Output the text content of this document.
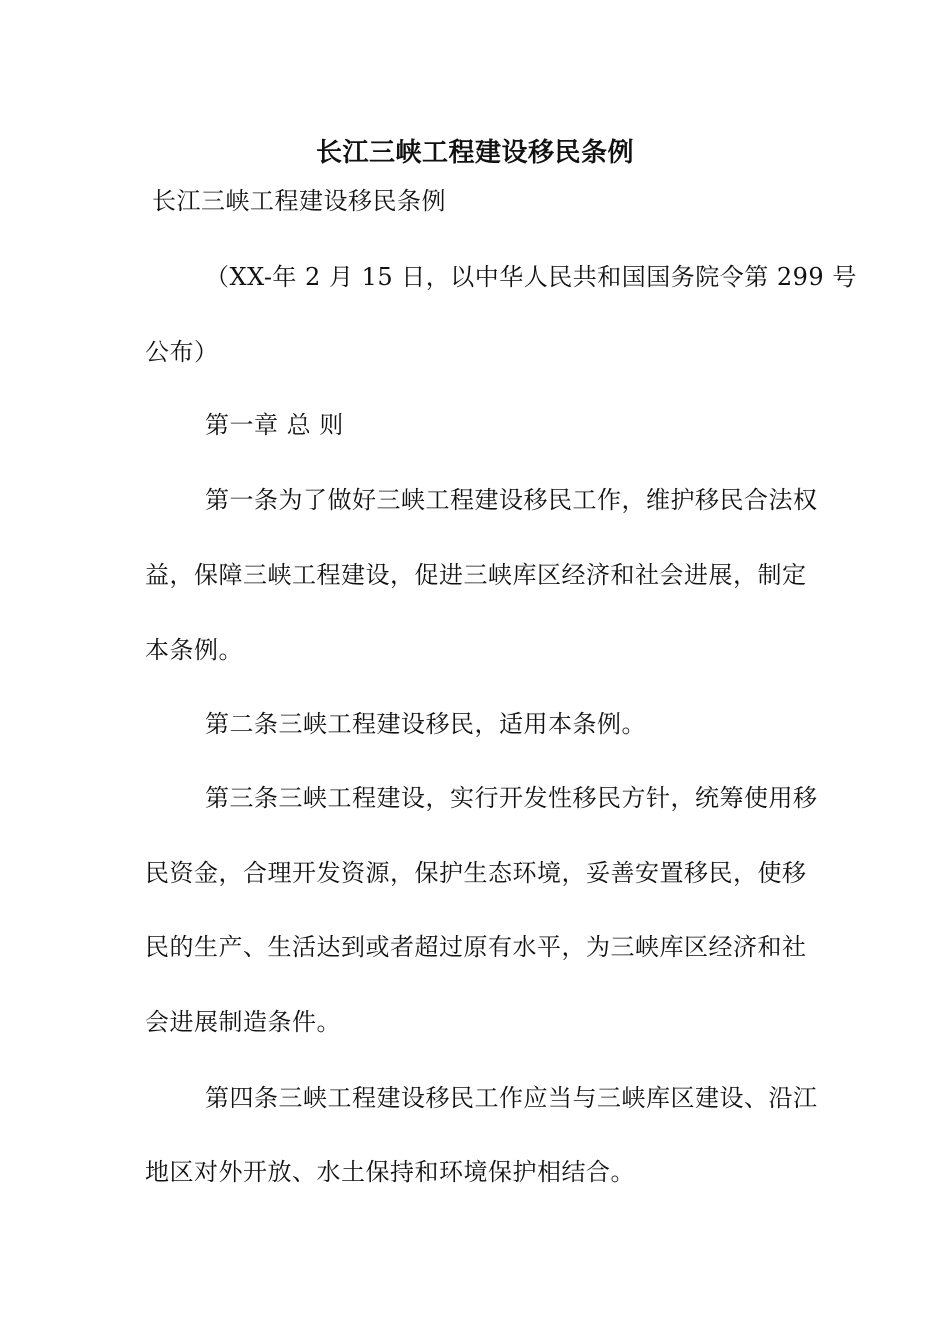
长江三峡工程建设移民条例
长江三峡工程建设移民条例
（XX-年 2 月 15 日，以中华人民共和国国务院令第 299 号
公布）
第一章 总 则
第一条为了做好三峡工程建设移民工作，维护移民合法权
益，保障三峡工程建设，促进三峡库区经济和社会进展，制定
本条例。
第二条三峡工程建设移民，适用本条例。
第三条三峡工程建设，实行开发性移民方针，统筹使用移
民资金，合理开发资源，保护生态环境，妥善安置移民，使移
民的生产、生活达到或者超过原有水平，为三峡库区经济和社
会进展制造条件。
第四条三峡工程建设移民工作应当与三峡库区建设、沿江
地区对外开放、水土保持和环境保护相结合。
